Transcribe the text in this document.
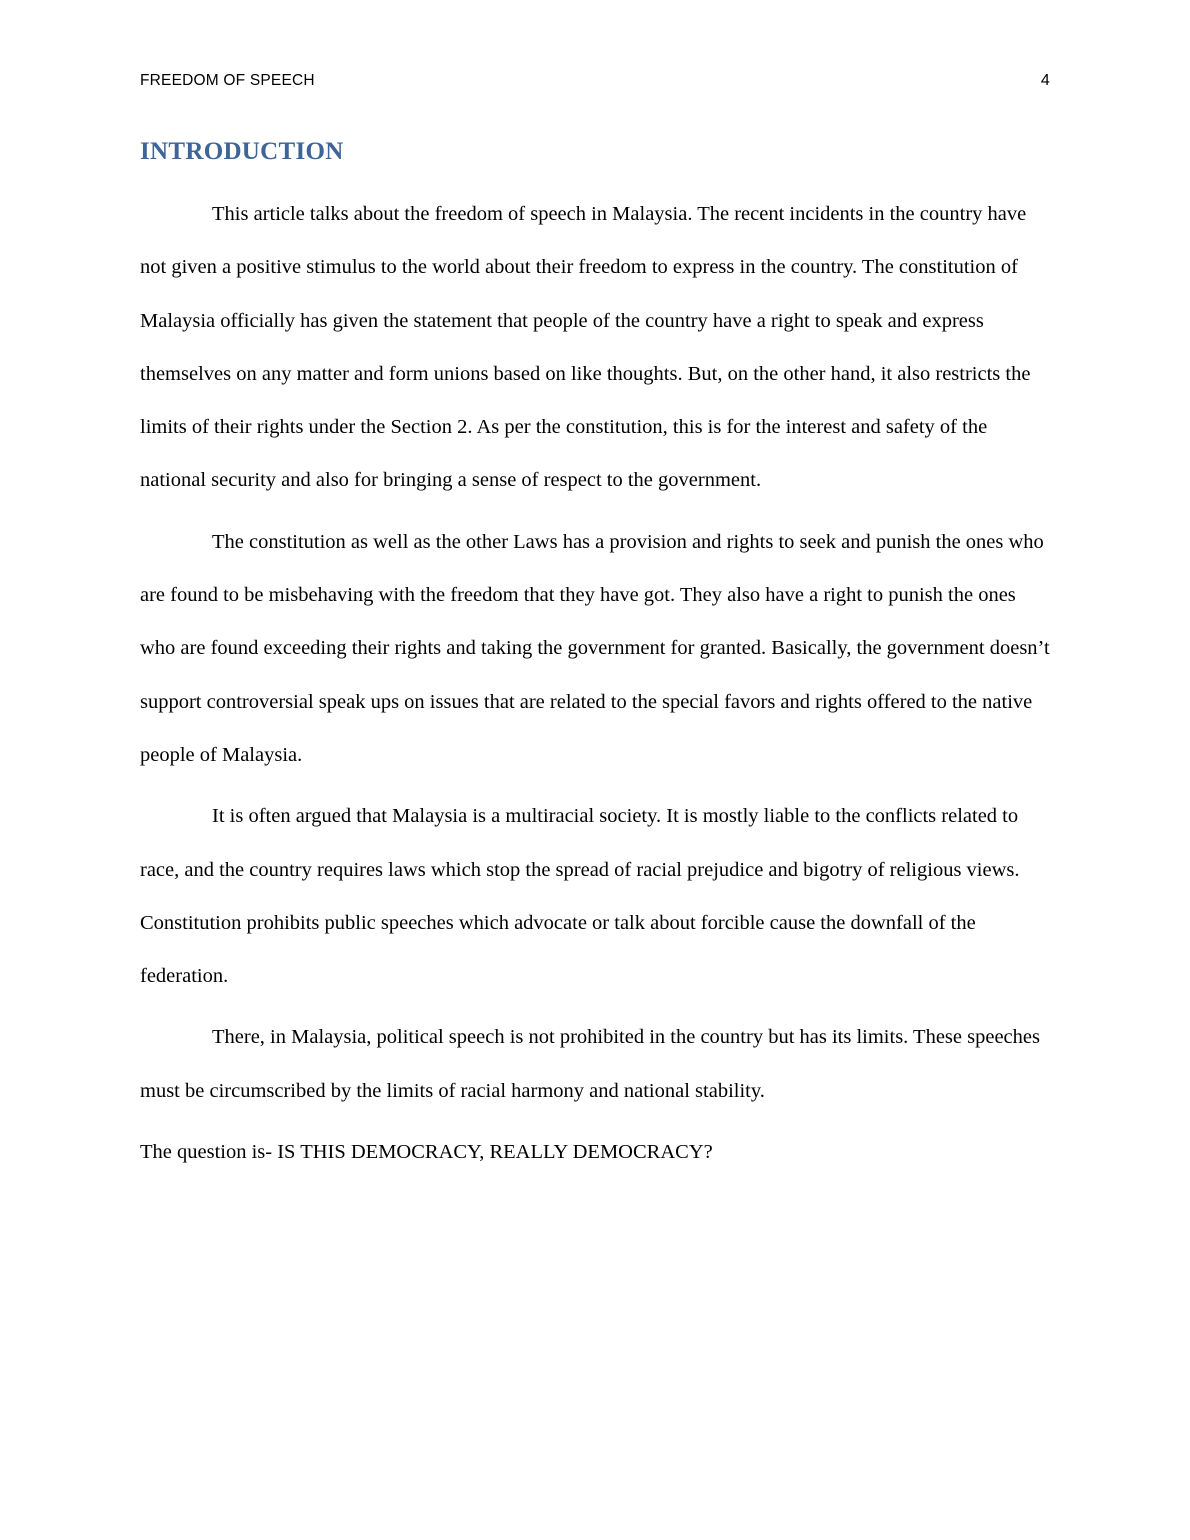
FREEDOM OF SPEECH	4
INTRODUCTION

This article talks about the freedom of speech in Malaysia. The recent incidents in the country have not given a positive stimulus to the world about their freedom to express in the country. The constitution of Malaysia officially has given the statement that people of the country have a right to speak and express themselves on any matter and form unions based on like thoughts. But, on the other hand, it also restricts the limits of their rights under the Section 2. As per the constitution, this is for the interest and safety of the national security and also for bringing a sense of respect to the government.

The constitution as well as the other Laws has a provision and rights to seek and punish the ones who are found to be misbehaving with the freedom that they have got. They also have a right to punish the ones who are found exceeding their rights and taking the government for granted. Basically, the government doesn’t support controversial speak ups on issues that are related to the special favors and rights offered to the native people of Malaysia.

It is often argued that Malaysia is a multiracial society. It is mostly liable to the conflicts related to race, and the country requires laws which stop the spread of racial prejudice and bigotry of religious views. Constitution prohibits public speeches which advocate or talk about forcible cause the downfall of the federation.

There, in Malaysia, political speech is not prohibited in the country but has its limits. These speeches must be circumscribed by the limits of racial harmony and national stability.

The question is- IS THIS DEMOCRACY, REALLY DEMOCRACY?
